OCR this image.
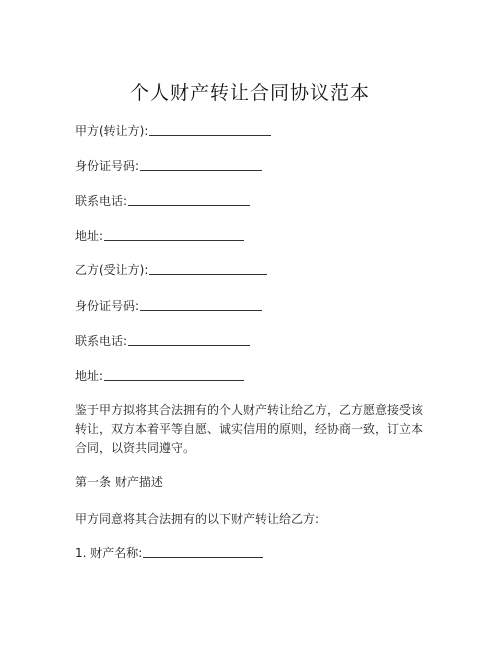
个人财产转让合同协议范本
甲方(转让方):
身份证号码:
联系电话:
地址:
乙方(受让方):
身份证号码:
联系电话:
地址:
鉴于甲方拟将其合法拥有的个人财产转让给乙方，乙方愿意接受该转让，双方本着平等自愿、诚实信用的原则，经协商一致，订立本合同，以资共同遵守。
第一条 财产描述
甲方同意将其合法拥有的以下财产转让给乙方:
1. 财产名称:
